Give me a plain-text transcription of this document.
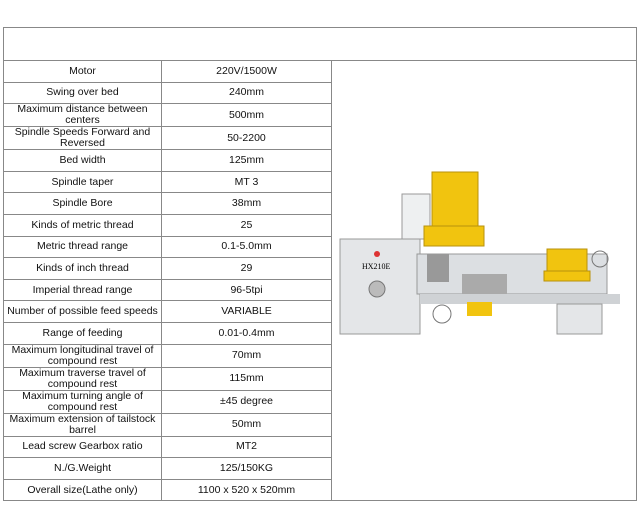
Motor	220V/1500W	HX210E

Swing over bed	240mm	
Maximum distance between centers	500mm	
Spindle Speeds Forward and Reversed	50-2200	
Bed width	125mm	
Spindle taper	MT 3	
Spindle Bore	38mm	
Kinds of metric thread	25	
Metric thread range	0.1-5.0mm	
Kinds of inch thread	29	
Imperial thread range	96-5tpi	
Number of possible feed speeds	VARIABLE	
Range of feeding	0.01-0.4mm	
Maximum longitudinal travel of compound rest	70mm	
Maximum traverse travel of compound rest	115mm	
Maximum turning angle of compound rest	±45 degree	
Maximum extension of tailstock barrel	50mm	
Lead screw Gearbox ratio	MT2	
N./G.Weight	125/150KG	
Overall size(Lathe only)	1100 x 520 x 520mm	
